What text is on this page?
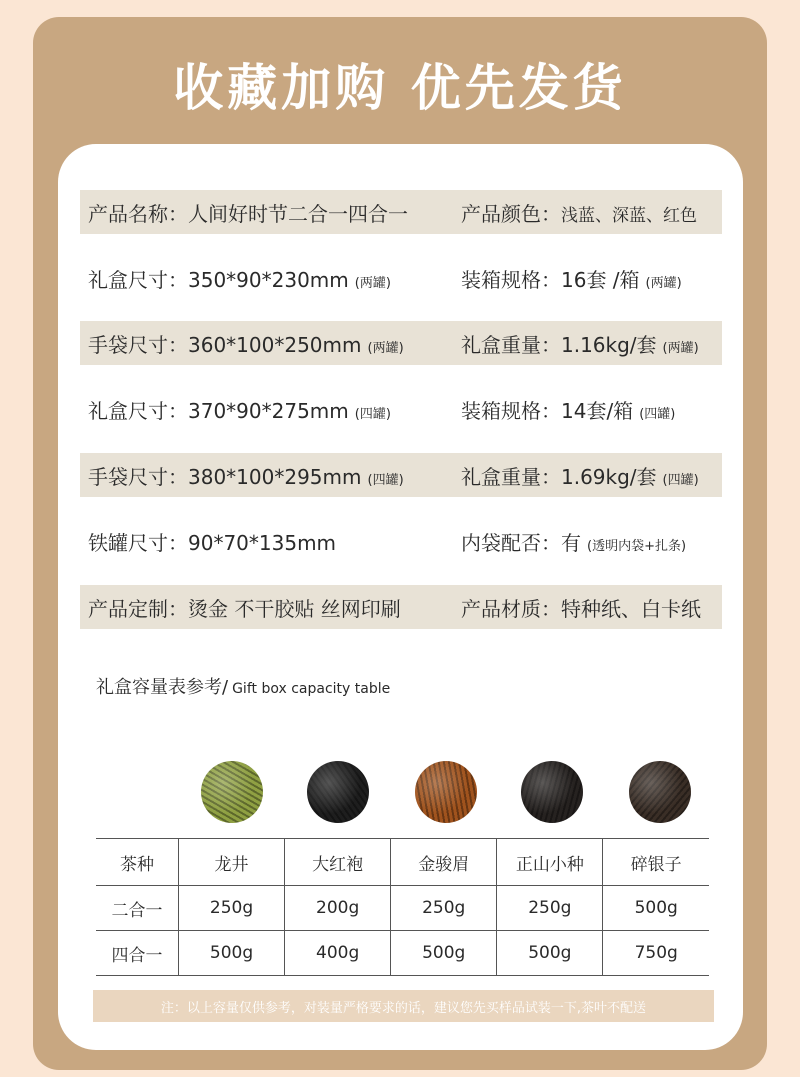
收藏加购 优先发货
产品名称： 人间好时节二合一四合一	产品颜色： 浅蓝、深蓝、红色
礼盒尺寸： 350*90*230mm (两罐)	装箱规格： 16套 /箱 (两罐)
手袋尺寸： 360*100*250mm (两罐)	礼盒重量： 1.16kg/套 (两罐)
礼盒尺寸： 370*90*275mm (四罐)	装箱规格： 14套/箱 (四罐)
手袋尺寸： 380*100*295mm (四罐)	礼盒重量： 1.69kg/套 (四罐)
铁罐尺寸： 90*70*135mm	内袋配否： 有 (透明内袋+扎条)
产品定制： 烫金 不干胶贴 丝网印刷	产品材质： 特种纸、白卡纸
礼盒容量表参考/ Gift box capacity table
茶种	龙井	大红袍	金骏眉	正山小种	碎银子
二合一	250g	200g	250g	250g	500g
四合一	500g	400g	500g	500g	750g
注：以上容量仅供参考，对装量严格要求的话，建议您先买样品试装一下,茶叶不配送
